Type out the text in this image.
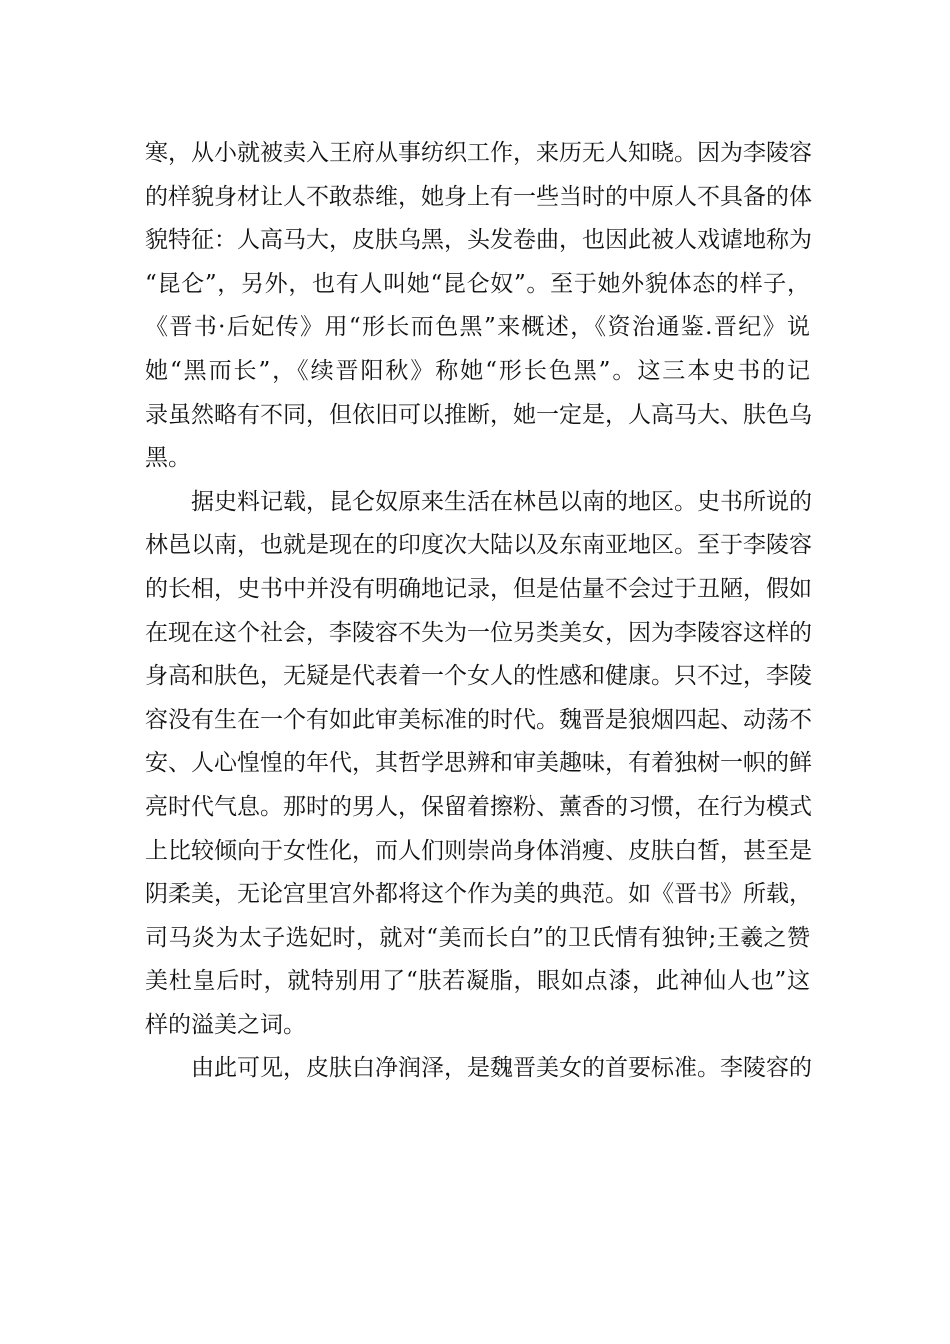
寒，从小就被卖入王府从事纺织工作，来历无人知晓。因为李陵容
的样貌身材让人不敢恭维，她身上有一些当时的中原人不具备的体
貌特征：人高马大，皮肤乌黑，头发卷曲，也因此被人戏谑地称为
“昆仑”，另外，也有人叫她“昆仑奴”。至于她外貌体态的样子，
《晋书·后妃传》用“形长而色黑”来概述，《资治通鉴.晋纪》说
她“黑而长”，《续晋阳秋》称她“形长色黑”。这三本史书的记
录虽然略有不同，但依旧可以推断，她一定是，人高马大、肤色乌
黑。
据史料记载，昆仑奴原来生活在林邑以南的地区。史书所说的
林邑以南，也就是现在的印度次大陆以及东南亚地区。至于李陵容
的长相，史书中并没有明确地记录，但是估量不会过于丑陋，假如
在现在这个社会，李陵容不失为一位另类美女，因为李陵容这样的
身高和肤色，无疑是代表着一个女人的性感和健康。只不过，李陵
容没有生在一个有如此审美标准的时代。魏晋是狼烟四起、动荡不
安、人心惶惶的年代，其哲学思辨和审美趣味，有着独树一帜的鲜
亮时代气息。那时的男人，保留着擦粉、薰香的习惯，在行为模式
上比较倾向于女性化，而人们则崇尚身体消瘦、皮肤白皙，甚至是
阴柔美，无论宫里宫外都将这个作为美的典范。如《晋书》所载，
司马炎为太子选妃时，就对“美而长白”的卫氏情有独钟;王羲之赞
美杜皇后时，就特别用了“肤若凝脂，眼如点漆，此神仙人也”这
样的溢美之词。
由此可见，皮肤白净润泽，是魏晋美女的首要标准。李陵容的
